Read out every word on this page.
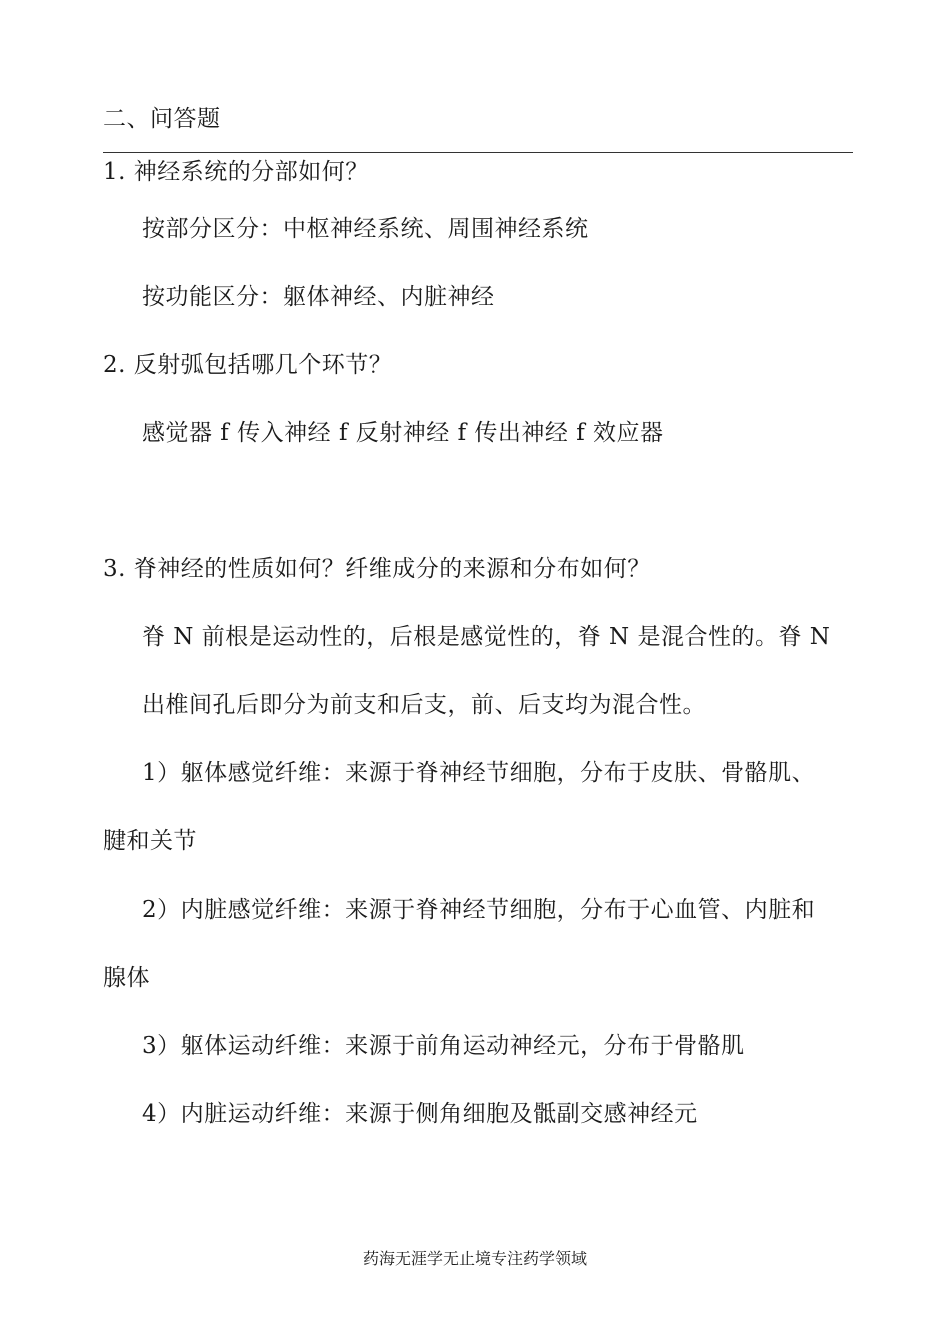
二、问答题
1. 神经系统的分部如何？
按部分区分：中枢神经系统、周围神经系统
按功能区分：躯体神经、内脏神经
2. 反射弧包括哪几个环节？
感觉器 f 传入神经 f 反射神经 f 传出神经 f 效应器
3. 脊神经的性质如何？纤维成分的来源和分布如何？
脊 N 前根是运动性的，后根是感觉性的，脊 N 是混合性的。脊 N
出椎间孔后即分为前支和后支，前、后支均为混合性。
1）躯体感觉纤维：来源于脊神经节细胞，分布于皮肤、骨骼肌、
腱和关节
2）内脏感觉纤维：来源于脊神经节细胞，分布于心血管、内脏和
腺体
3）躯体运动纤维：来源于前角运动神经元，分布于骨骼肌
4）内脏运动纤维：来源于侧角细胞及骶副交感神经元
药海无涯学无止境专注药学领域
